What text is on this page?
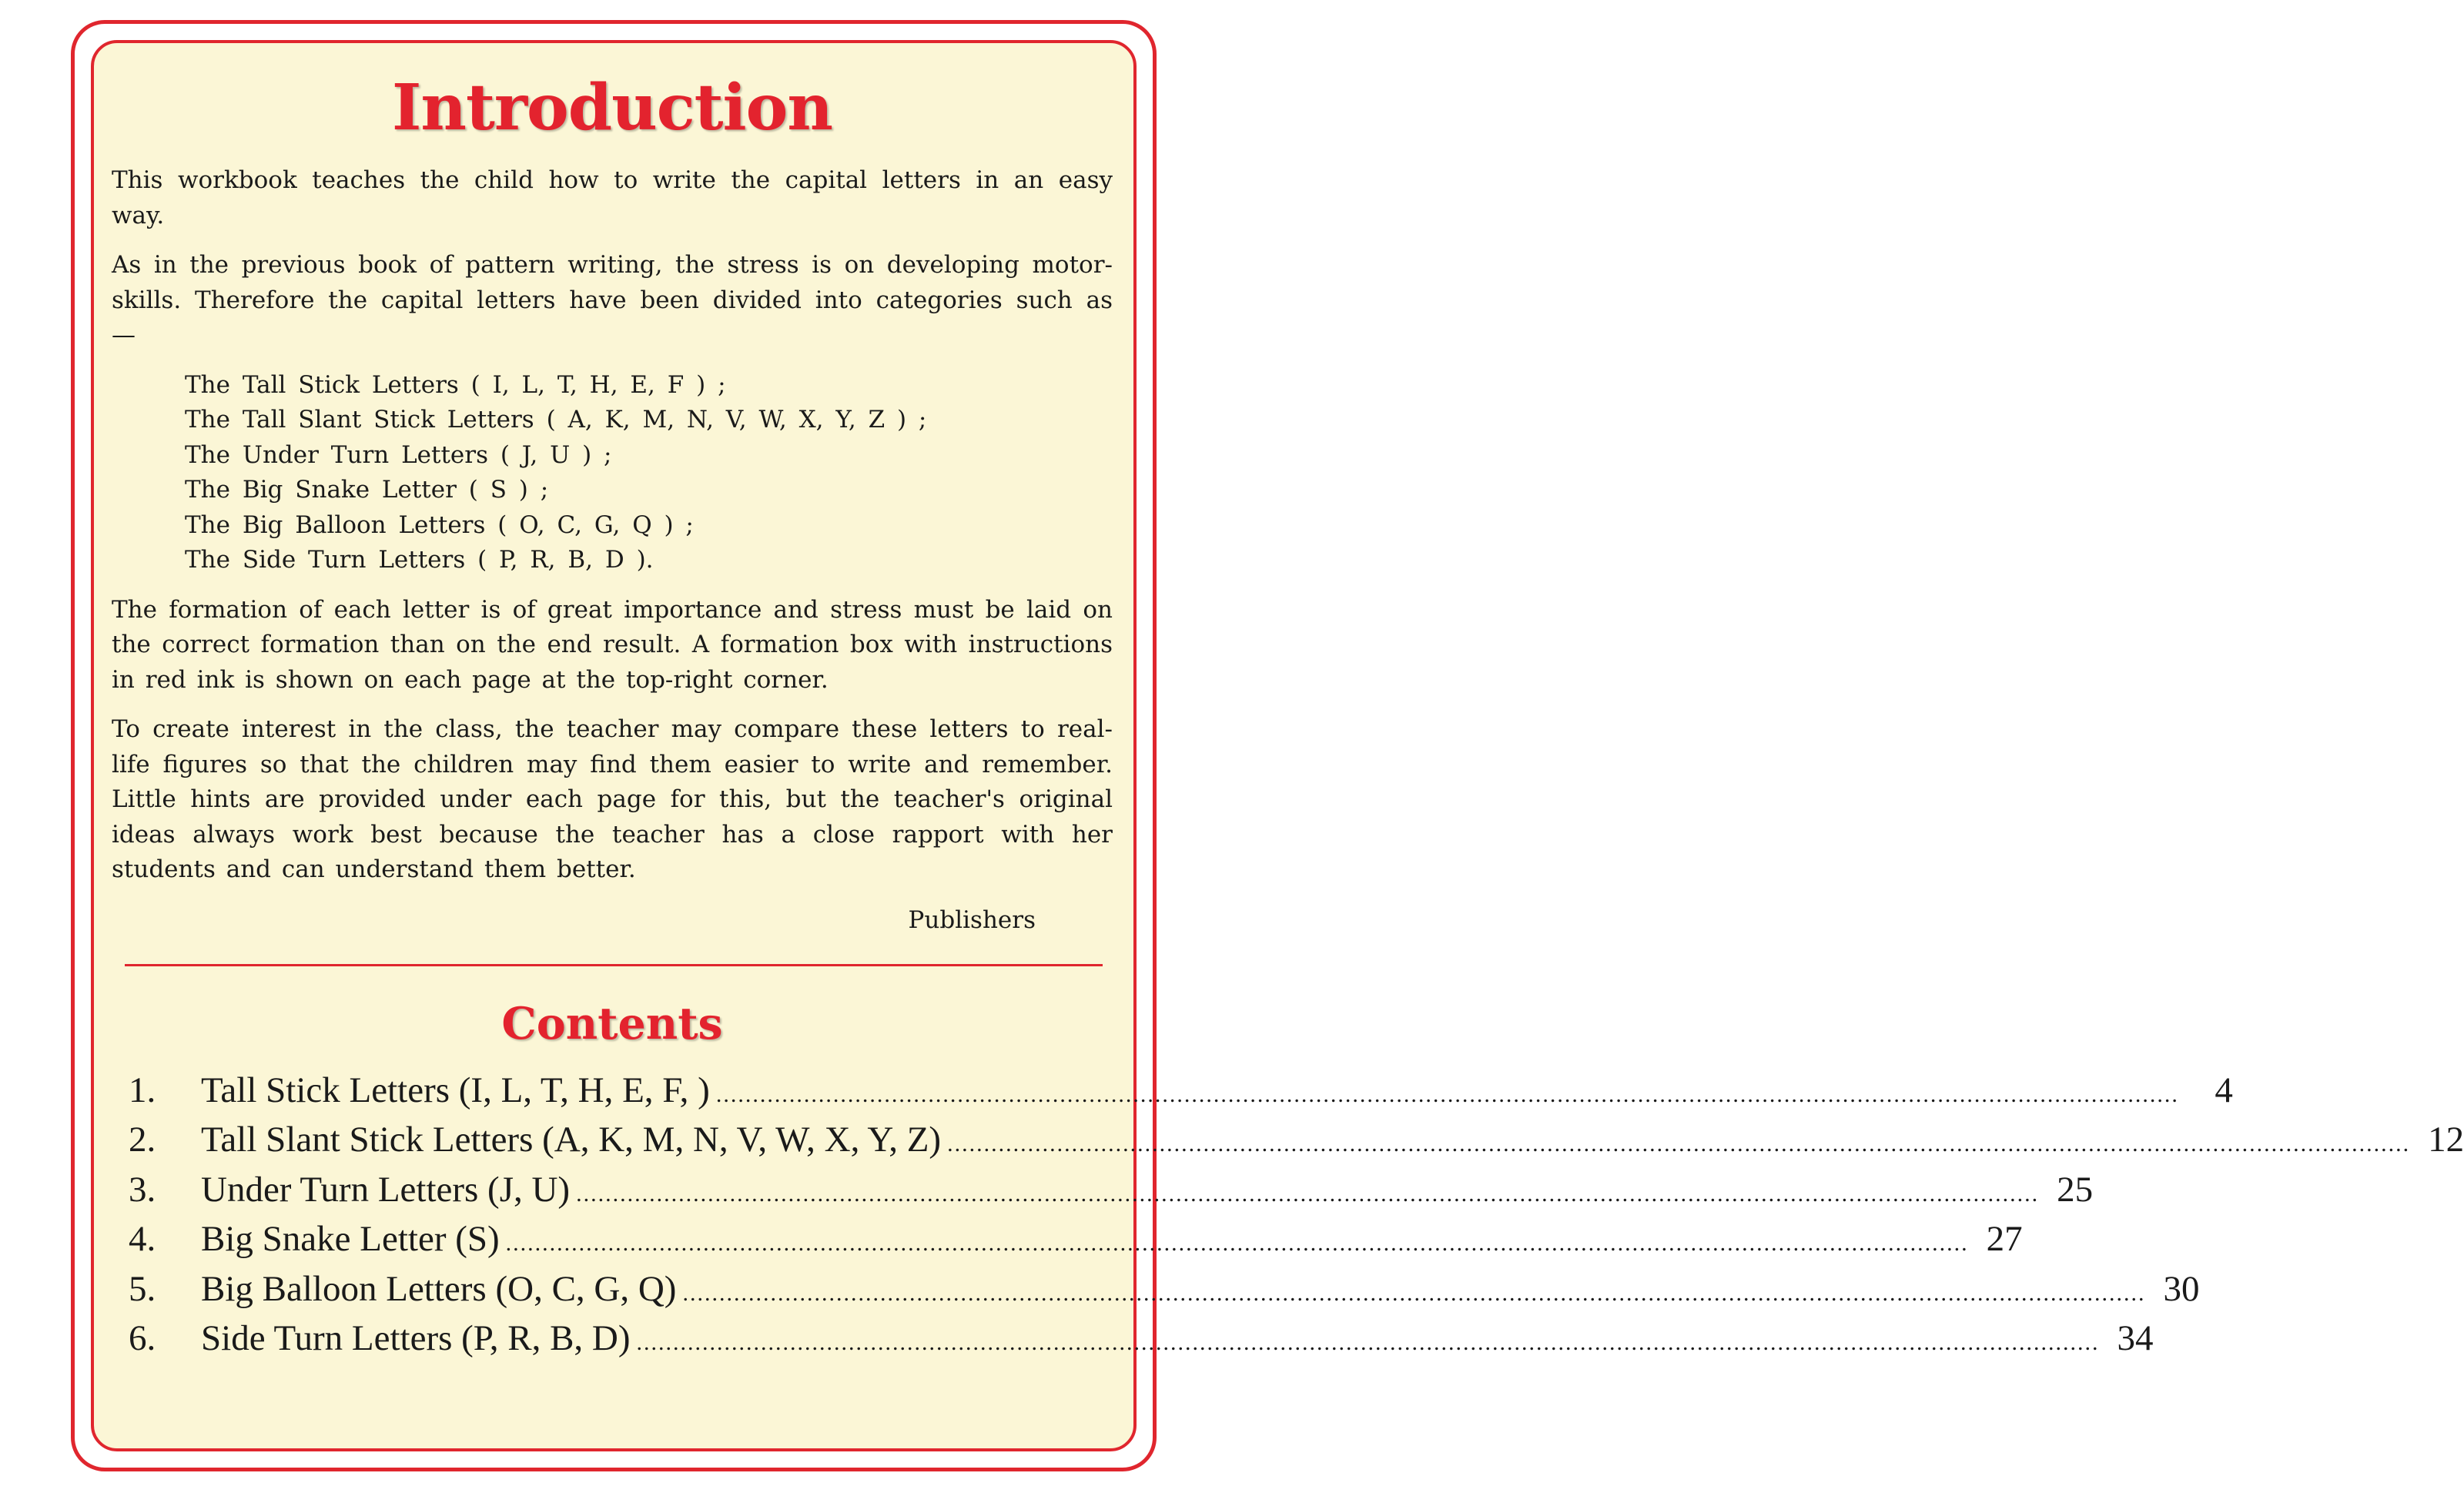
Introduction

This workbook teaches the child how to write the capital letters in an easy way.

As in the previous book of pattern writing, the stress is on developing motor-skills. Therefore the capital letters have been divided into categories such as —

The Tall Stick Letters ( I, L, T, H, E, F ) ;
The Tall Slant Stick Letters ( A, K, M, N, V, W, X, Y, Z ) ;
The Under Turn Letters ( J, U ) ;
The Big Snake Letter ( S ) ;
The Big Balloon Letters ( O, C, G, Q ) ;
The Side Turn Letters ( P, R, B, D ).

The formation of each letter is of great importance and stress must be laid on the correct formation than on the end result. A formation box with instructions in red ink is shown on each page at the top-right corner.

To create interest in the class, the teacher may compare these letters to real-life figures so that the children may find them easier to write and remember. Little hints are provided under each page for this, but the teacher's original ideas always work best because the teacher has a close rapport with her students and can understand them better.

Publishers
Contents
1.	Tall Stick Letters (I, L, T, H, E, F, ) ........................................................................................................................................................................................................ 4
2.	Tall Slant Stick Letters (A, K, M, N, V, W, X, Y, Z) ........................................................................................................................................................................................................ 12
3.	Under Turn Letters (J, U) ........................................................................................................................................................................................................ 25
4.	Big Snake Letter (S) ........................................................................................................................................................................................................ 27
5.	Big Balloon Letters (O, C, G, Q) ........................................................................................................................................................................................................ 30
6.	Side Turn Letters (P, R, B, D) ........................................................................................................................................................................................................ 34
